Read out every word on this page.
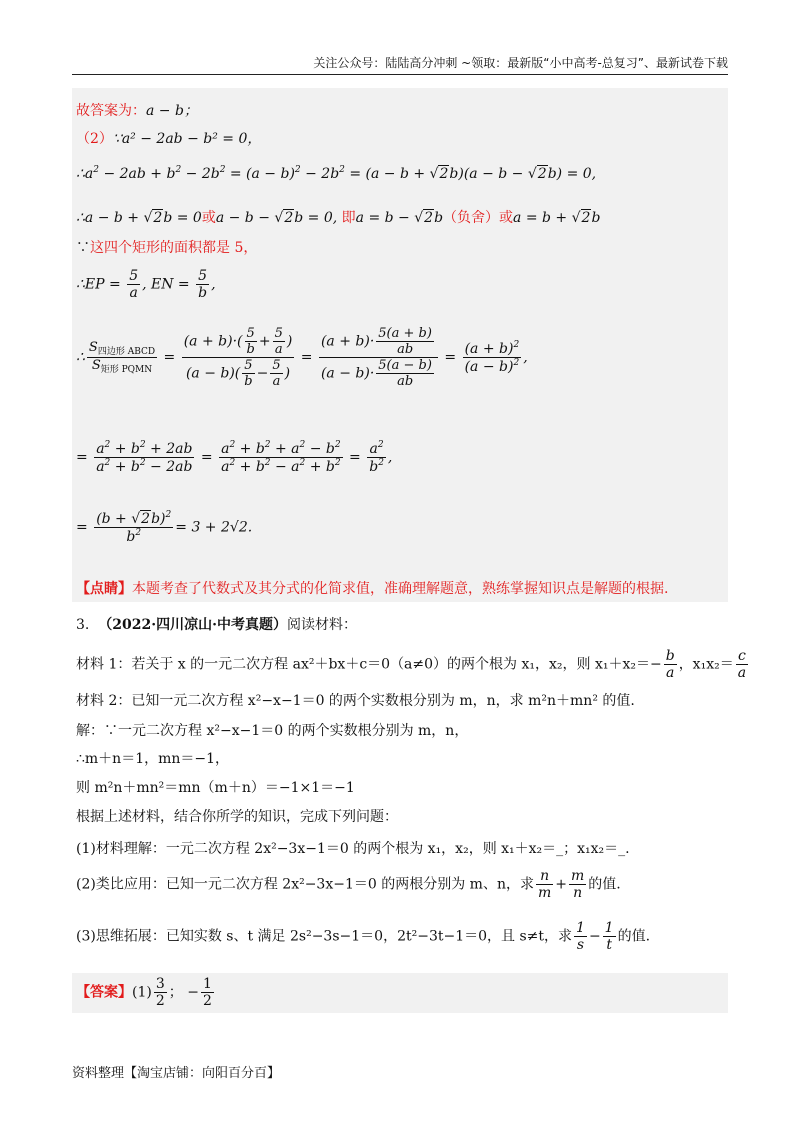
关注公众号：陆陆高分冲刺 ~领取：最新版“小中高考-总复习”、最新试卷下载
故答案为：a − b；
（2）∵a² − 2ab − b² = 0，
$\therefore a^2 - 2ab + b^2 - 2b^2 = (a - b)^2 - 2b^2 = (a - b + √2b)(a - b - √2b) = 0$,
∴a − b + √2b = 0或a − b − √2b = 0, 即a = b − √2b（负舍）或a = b + √2b
∵这四个矩形的面积都是 5，
∴EP = $\frac{5}{a}$ , EN = $\frac{5}{b}$ ,
∴ $\frac{S_{四边形 ABCD}}{S_{矩形 PQMN}} = \frac{(a + b)\cdot( \frac{5}{b} + \frac{5}{a} )}{(a - b)( \frac{5}{b} - \frac{5}{a} )} = \frac{(a + b)\cdot \frac{5(a + b)}{ab}}{(a - b)\cdot \frac{5(a - b)}{ab}} = \frac{(a + b)^2}{(a - b)^2}$ ,
= $\frac{a^2 + b^2 + 2ab}{a^2 + b^2 - 2ab} = \frac{a^2 + b^2 + a^2 - b^2}{a^2 + b^2 - a^2 + b^2} = \frac{a^2}{b^2}$ ,
= $\frac{(b + √2b)^2}{b^2} = 3 + 2√2$.
【点睛】本题考查了代数式及其分式的化简求值，准确理解题意，熟练掌握知识点是解题的根据.
3. （2022·四川凉山·中考真题）阅读材料：
材料 1：若关于 x 的一元二次方程 ax²＋bx＋c＝0（a≠0）的两个根为 x₁，x₂，则 $x_1+x_2=- \frac{b}{a}$ ，$x_1x_2= \frac{c}{a}$
材料 2：已知一元二次方程 x²−x−1＝0 的两个实数根分别为 m，n，求 m²n＋mn² 的值.
解：∵一元二次方程 x²−x−1＝0 的两个实数根分别为 m，n，
∴m＋n＝1，mn＝−1，
则 m²n＋mn²＝mn（m＋n）＝−1×1＝−1
根据上述材料，结合你所学的知识，完成下列问题：
(1)材料理解：一元二次方程 2x²−3x−1＝0 的两个根为 x₁，x₂，则 x₁＋x₂＝_；x₁x₂＝_.
(2)类比应用：已知一元二次方程 2x²−3x−1＝0 的两根分别为 m、n，求 $\frac{n}{m} + \frac{m}{n}$ 的值.
(3)思维拓展：已知实数 s、t 满足 2s²−3s−1＝0，2t²−3t−1＝0，且 s≠t，求 $\frac{1}{s} - \frac{1}{t}$ 的值.
【答案】$(1) \frac{3}{2}$ ； − $\frac{1}{2}$
资料整理【淘宝店铺：向阳百分百】
